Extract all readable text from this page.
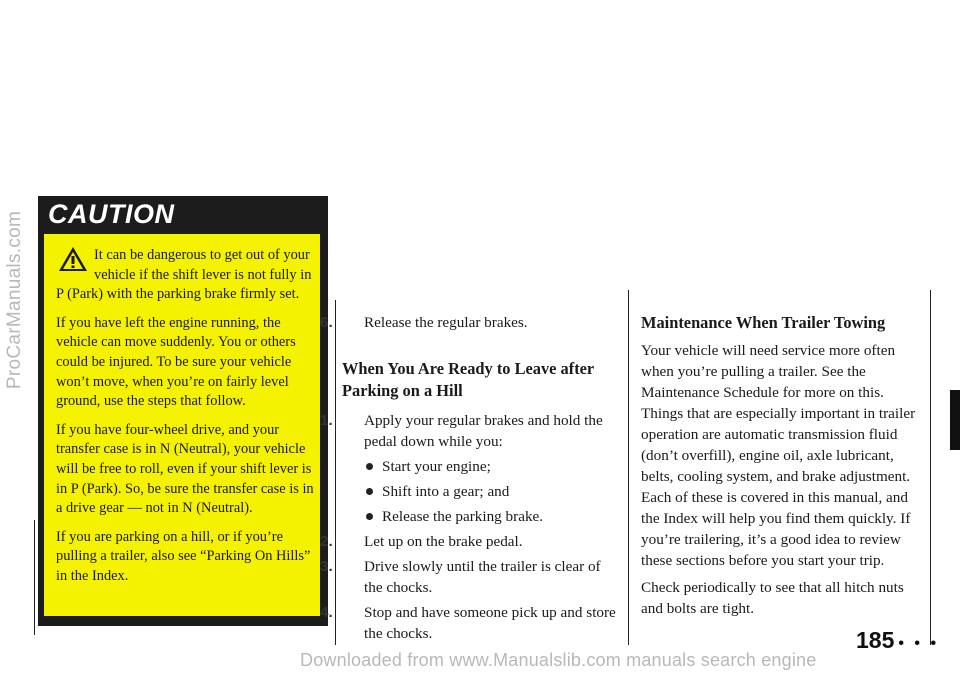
ProCarManuals.com CAUTION

It can be dangerous to get out of your vehicle if the shift lever is not fully in P (Park) with the parking brake firmly set.

If you have left the engine running, the vehicle can move suddenly. You or others could be injured. To be sure your vehicle won’t move, when you’re on fairly level ground, use the steps that follow.

If you have four-wheel drive, and your transfer case is in N (Neutral), your vehicle will be free to roll, even if your shift lever is in P (Park). So, be sure the transfer case is in a drive gear — not in N (Neutral).

If you are parking on a hill, or if you’re pulling a trailer, also see “Parking On Hills” in the Index.

6. Release the regular brakes.

When You Are Ready to Leave after Parking on a Hill

1. Apply your regular brakes and hold the pedal down while you:

Start your engine;
Shift into a gear; and
Release the parking brake.

2. Let up on the brake pedal.

3. Drive slowly until the trailer is clear of the chocks.

4. Stop and have someone pick up and store the chocks.

Maintenance When Trailer Towing

Your vehicle will need service more often when you’re pulling a trailer. See the Maintenance Schedule for more on this. Things that are especially important in trailer operation are automatic transmission fluid (don’t overfill), engine oil, axle lubricant, belts, cooling system, and brake adjustment. Each of these is covered in this manual, and the Index will help you find them quickly. If you’re trailering, it’s a good idea to review these sections before you start your trip.

Check periodically to see that all hitch nuts and bolts are tight.

185 • • •
Downloaded from www.Manualslib.com manuals search engine
